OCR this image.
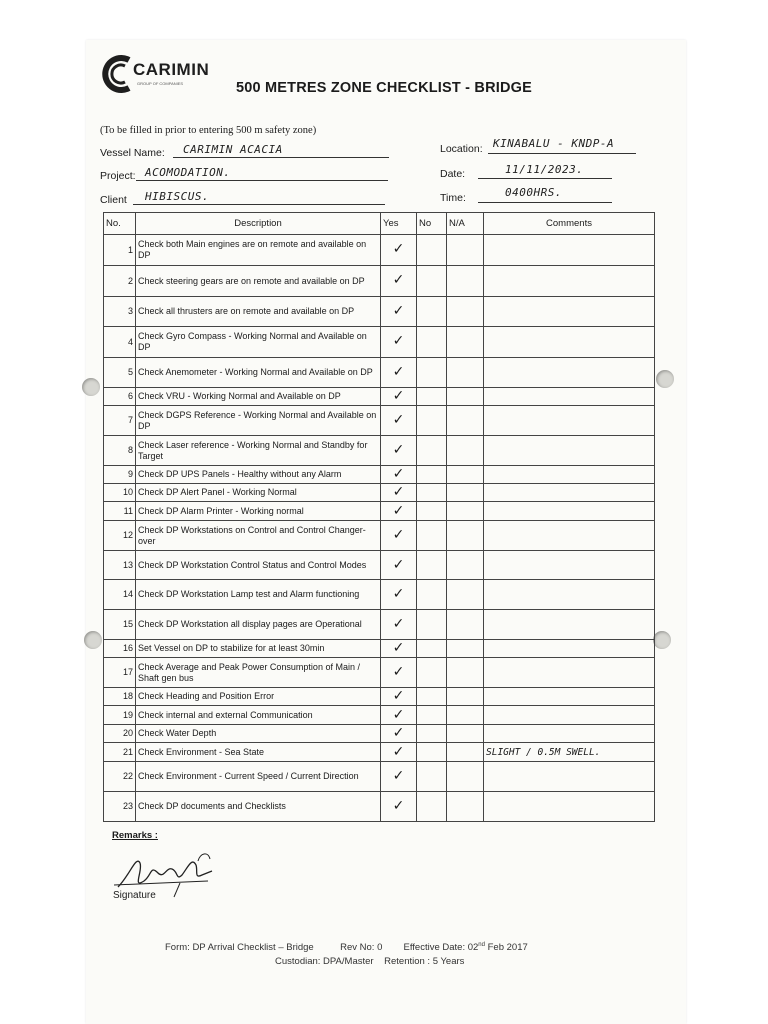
CARIMIN
GROUP OF COMPANIES	500 METRES ZONE CHECKLIST - BRIDGE
(To be filled in prior to entering 500 m safety zone)
Vessel Name: CARIMIN ACACIA
Project: ACOMODATION.
Client HIBISCUS.
Location: KINABALU - KNDP-A
Date:	11/11/2023.
Time:	0400HRS.
No.	Description	Yes	No	N/A	Comments
1	Check both Main engines are on remote and available on DP	✓			
2	Check steering gears are on remote and available on DP	✓			
3	Check all thrusters are on remote and available on DP	✓			
4	Check Gyro Compass - Working Normal and Available on DP	✓			
5	Check Anemometer - Working Normal and Available on DP	✓			
6	Check VRU - Working Normal and Available on DP	✓			
7	Check DGPS Reference - Working Normal and Available on DP	✓			
8	Check Laser reference - Working Normal and Standby for Target	✓			
9	Check DP UPS Panels - Healthy without any Alarm	✓			
10	Check DP Alert Panel - Working Normal	✓			
11	Check DP Alarm Printer - Working normal	✓			
12	Check DP Workstations on Control and Control Changer-over	✓			
13	Check DP Workstation Control Status and Control Modes	✓			
14	Check DP Workstation Lamp test and Alarm functioning	✓			
15	Check DP Workstation all display pages are Operational	✓			
16	Set Vessel on DP to stabilize for at least 30min	✓			
17	Check Average and Peak Power Consumption of Main / Shaft gen bus	✓			
18	Check Heading and Position Error	✓			
19	Check internal and external Communication	✓			
20	Check Water Depth	✓			
21	Check Environment - Sea State	✓			SLIGHT / 0.5M SWELL.
22	Check Environment - Current Speed / Current Direction	✓			
23	Check DP documents and Checklists	✓			
Remarks :
Signature
Form: DP Arrival Checklist – Bridge	Rev No: 0 Effective Date: 02nd Feb 2017
Custodian: DPA/Master Retention : 5 Years
